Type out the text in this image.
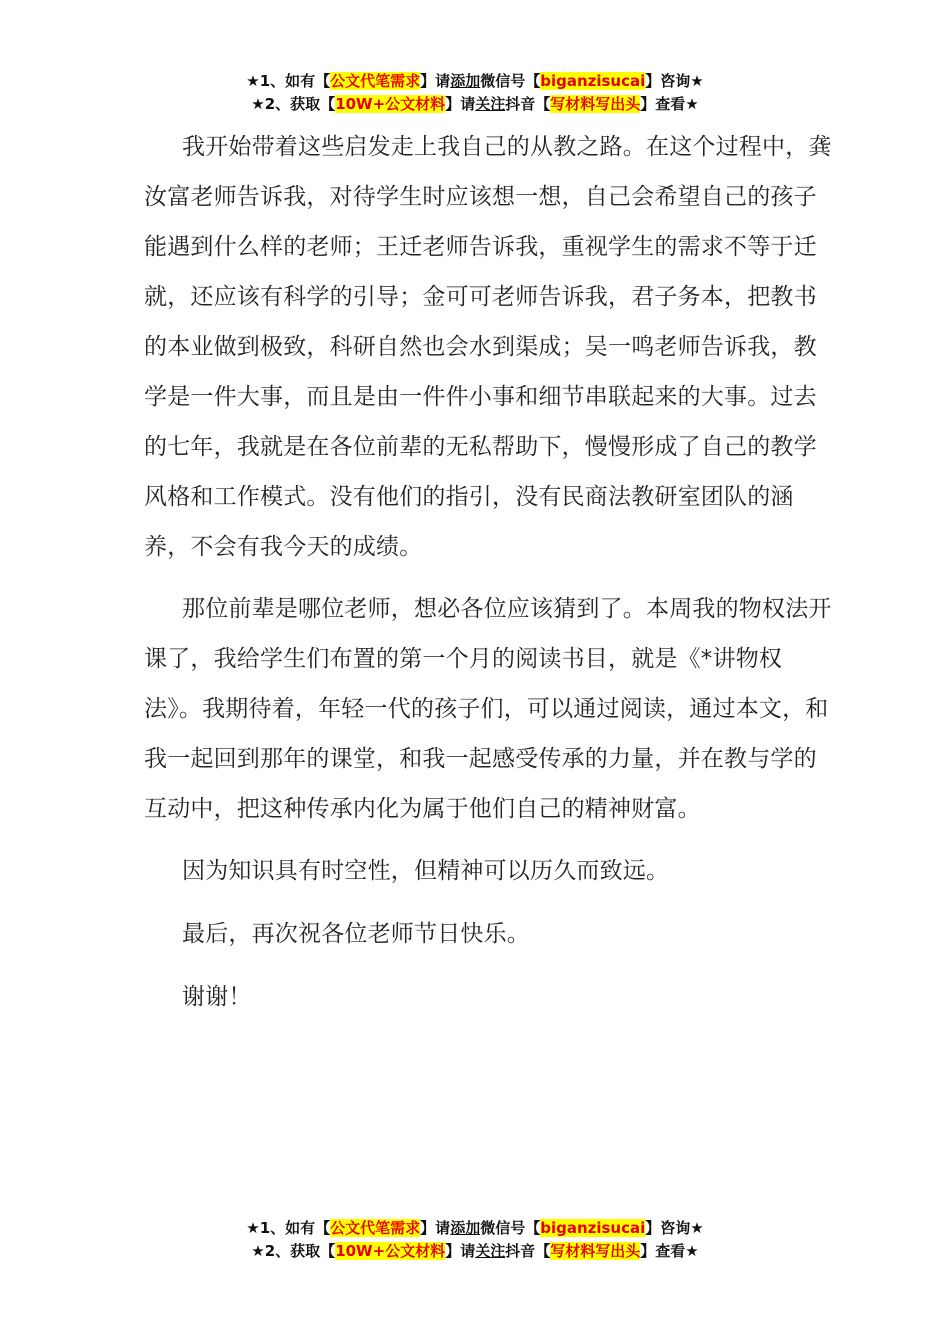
★1、如有【公文代笔需求】请添加微信号【biganzisucai】咨询★
★2、获取【10W+公文材料】请关注抖音【写材料写出头】查看★

我开始带着这些启发走上我自己的从教之路。在这个过程中，龚汝富老师告诉我，对待学生时应该想一想，自己会希望自己的孩子能遇到什么样的老师；王迁老师告诉我，重视学生的需求不等于迁就，还应该有科学的引导；金可可老师告诉我，君子务本，把教书的本业做到极致，科研自然也会水到渠成；吴一鸣老师告诉我，教学是一件大事，而且是由一件件小事和细节串联起来的大事。过去的七年，我就是在各位前辈的无私帮助下，慢慢形成了自己的教学风格和工作模式。没有他们的指引，没有民商法教研室团队的涵养，不会有我今天的成绩。

那位前辈是哪位老师，想必各位应该猜到了。本周我的物权法开课了，我给学生们布置的第一个月的阅读书目，就是《*讲物权法》。我期待着，年轻一代的孩子们，可以通过阅读，通过本文，和我一起回到那年的课堂，和我一起感受传承的力量，并在教与学的互动中，把这种传承内化为属于他们自己的精神财富。

因为知识具有时空性，但精神可以历久而致远。

最后，再次祝各位老师节日快乐。

谢谢！

★1、如有【公文代笔需求】请添加微信号【biganzisucai】咨询★
★2、获取【10W+公文材料】请关注抖音【写材料写出头】查看★
